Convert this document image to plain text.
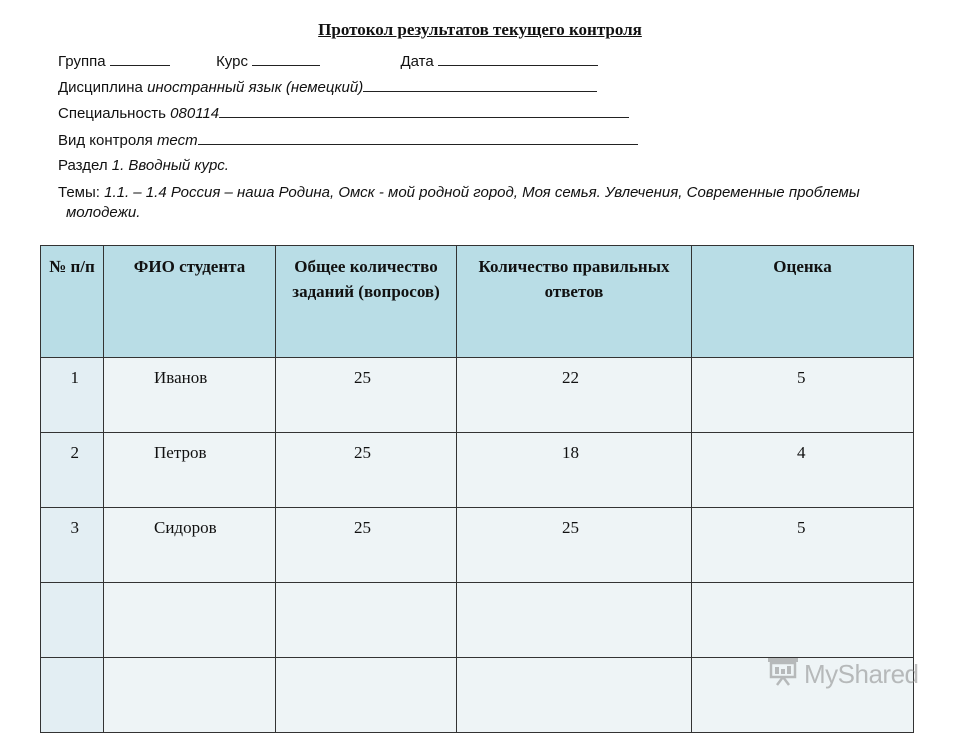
Протокол результатов текущего контроля
Группа	Курс	Дата
Дисциплина иностранный язык (немецкий)
Специальность 080114
Вид контроля тест
Раздел 1. Вводный курс.
Темы: 1.1. – 1.4 Россия – наша Родина, Омск - мой родной город, Моя семья. Увлечения, Современные проблемы молодежи.
№ п/п	ФИО студента	Общее количество заданий (вопросов)	Количество правильных ответов	Оценка
1	Иванов	25	22	5
2	Петров	25	18	4
3	Сидоров	25	25	5

MyShared
